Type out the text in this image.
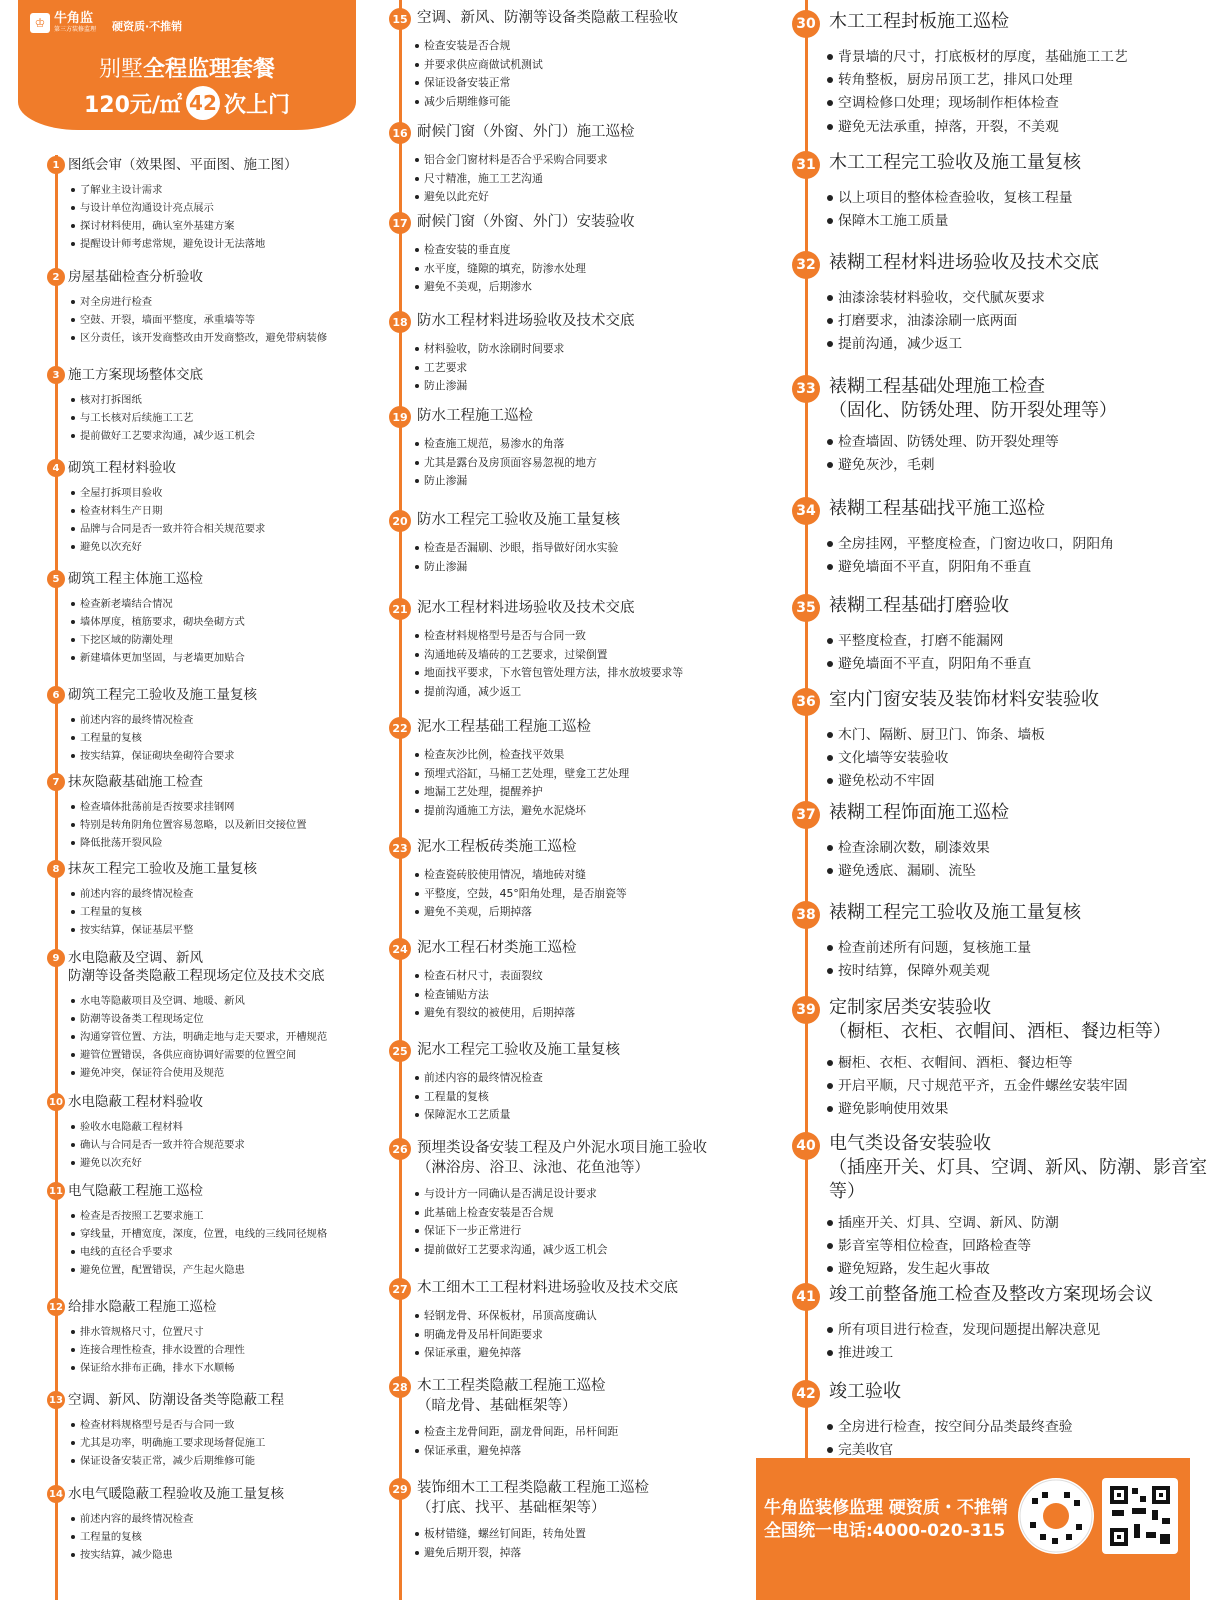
♔ 牛角监
第三方装修监理 硬资质·不推销
别墅全程监理套餐
120元/㎡ 42 次上门
1 图纸会审（效果图、平面图、施工图）
了解业主设计需求
与设计单位沟通设计亮点展示
探讨材料使用，确认室外基建方案
提醒设计师考虑常规，避免设计无法落地
2 房屋基础检查分析验收
对全房进行检查
空鼓、开裂，墙面平整度，承重墙等等
区分责任，该开发商整改由开发商整改，避免带病装修
3 施工方案现场整体交底
核对打拆图纸
与工长核对后续施工工艺
提前做好工艺要求沟通，减少返工机会
4 砌筑工程材料验收
全屋打拆项目验收
检查材料生产日期
品牌与合同是否一致并符合相关规范要求
避免以次充好
5 砌筑工程主体施工巡检
检查新老墙结合情况
墙体厚度，植筋要求，砌块垒砌方式
下挖区域的防潮处理
新建墙体更加坚固，与老墙更加贴合
6 砌筑工程完工验收及施工量复核
前述内容的最终情况检查
工程量的复核
按实结算，保证砌块垒砌符合要求
7 抹灰隐蔽基础施工检查
检查墙体批荡前是否按要求挂钢网
特别是转角阴角位置容易忽略，以及新旧交接位置
降低批荡开裂风险
8 抹灰工程完工验收及施工量复核
前述内容的最终情况检查
工程量的复核
按实结算，保证基层平整
9 水电隐蔽及空调、新风
防潮等设备类隐蔽工程现场定位及技术交底
水电等隐蔽项目及空调、地暖、新风
防潮等设备类工程现场定位
沟通穿管位置、方法，明确走地与走天要求，开槽规范
避管位置错误，各供应商协调好需要的位置空间
避免冲突，保证符合使用及规范
10 水电隐蔽工程材料验收
验收水电隐蔽工程材料
确认与合同是否一致并符合规范要求
避免以次充好
11 电气隐蔽工程施工巡检
检查是否按照工艺要求施工
穿线量，开槽宽度，深度，位置，电线的三线同径规格
电线的直径合乎要求
避免位置，配置错误，产生起火隐患
12 给排水隐蔽工程施工巡检
排水管规格尺寸，位置尺寸
连接合理性检查，排水设置的合理性
保证给水排布正确，排水下水顺畅
13 空调、新风、防潮设备类等隐蔽工程
检查材料规格型号是否与合同一致
尤其是功率，明确施工要求现场督促施工
保证设备安装正常，减少后期维修可能
14 水电气暖隐蔽工程验收及施工量复核
前述内容的最终情况检查
工程量的复核
按实结算，减少隐患
15 空调、新风、防潮等设备类隐蔽工程验收
检查安装是否合规
并要求供应商做试机测试
保证设备安装正常
减少后期维修可能
16 耐候门窗（外窗、外门）施工巡检
铝合金门窗材料是否合乎采购合同要求
尺寸精准，施工工艺沟通
避免以此充好
17 耐候门窗（外窗、外门）安装验收
检查安装的垂直度
水平度，缝隙的填充，防渗水处理
避免不美观，后期渗水
18 防水工程材料进场验收及技术交底
材料验收，防水涂刷时间要求
工艺要求
防止渗漏
19 防水工程施工巡检
检查施工规范，易渗水的角落
尤其是露台及房顶面容易忽视的地方
防止渗漏
20 防水工程完工验收及施工量复核
检查是否漏刷、沙眼，指导做好闭水实验
防止渗漏
21 泥水工程材料进场验收及技术交底
检查材料规格型号是否与合同一致
沟通地砖及墙砖的工艺要求，过梁倒置
地面找平要求，下水管包管处理方法，排水放坡要求等
提前沟通，减少返工
22 泥水工程基础工程施工巡检
检查灰沙比例，检查找平效果
预埋式浴缸，马桶工艺处理，壁龛工艺处理
地漏工艺处理，提醒养护
提前沟通施工方法，避免水泥烧坏
23 泥水工程板砖类施工巡检
检查瓷砖胶使用情况，墙地砖对缝
平整度，空鼓，45°阳角处理，是否崩瓷等
避免不美观，后期掉落
24 泥水工程石材类施工巡检
检查石材尺寸，表面裂纹
检查铺贴方法
避免有裂纹的被使用，后期掉落
25 泥水工程完工验收及施工量复核
前述内容的最终情况检查
工程量的复核
保障泥水工艺质量
26 预埋类设备安装工程及户外泥水项目施工验收
（淋浴房、浴卫、泳池、花鱼池等）
与设计方一同确认是否满足设计要求
此基础上检查安装是否合规
保证下一步正常进行
提前做好工艺要求沟通，减少返工机会
27 木工细木工工程材料进场验收及技术交底
轻钢龙骨、环保板材，吊顶高度确认
明确龙骨及吊杆间距要求
保证承重，避免掉落
28 木工工程类隐蔽工程施工巡检
（暗龙骨、基础框架等）
检查主龙骨间距，副龙骨间距，吊杆间距
保证承重，避免掉落
29 装饰细木工工程类隐蔽工程施工巡检
（打底、找平、基础框架等）
板材错缝，螺丝钉间距，转角处置
避免后期开裂，掉落
30 木工工程封板施工巡检
背景墙的尺寸，打底板材的厚度，基础施工工艺
转角整板，厨房吊顶工艺，排风口处理
空调检修口处理；现场制作柜体检查
避免无法承重，掉落，开裂，不美观
31 木工工程完工验收及施工量复核
以上项目的整体检查验收，复核工程量
保障木工施工质量
32 裱糊工程材料进场验收及技术交底
油漆涂装材料验收，交代腻灰要求
打磨要求，油漆涂刷一底两面
提前沟通，减少返工
33 裱糊工程基础处理施工检查
（固化、防锈处理、防开裂处理等）
检查墙固、防锈处理、防开裂处理等
避免灰沙，毛刺
34 裱糊工程基础找平施工巡检
全房挂网，平整度检查，门窗边收口，阴阳角
避免墙面不平直，阴阳角不垂直
35 裱糊工程基础打磨验收
平整度检查，打磨不能漏网
避免墙面不平直，阴阳角不垂直
36 室内门窗安装及装饰材料安装验收
木门、隔断、厨卫门、饰条、墙板
文化墙等安装验收
避免松动不牢固
37 裱糊工程饰面施工巡检
检查涂刷次数，刷漆效果
避免透底、漏刷、流坠
38 裱糊工程完工验收及施工量复核
检查前述所有问题，复核施工量
按时结算，保障外观美观
39 定制家居类安装验收
（橱柜、衣柜、衣帽间、酒柜、餐边柜等）
橱柜、衣柜、衣帽间、酒柜、餐边柜等
开启平顺，尺寸规范平齐，五金件螺丝安装牢固
避免影响使用效果
40 电气类设备安装验收
（插座开关、灯具、空调、新风、防潮、影音室等）
插座开关、灯具、空调、新风、防潮
影音室等相位检查，回路检查等
避免短路，发生起火事故
41 竣工前整备施工检查及整改方案现场会议
所有项目进行检查，发现问题提出解决意见
推进竣工
42 竣工验收
全房进行检查，按空间分品类最终查验
完美收官
牛角监装修监理 硬资质・不推销
全国统一电话:4000-020-315
